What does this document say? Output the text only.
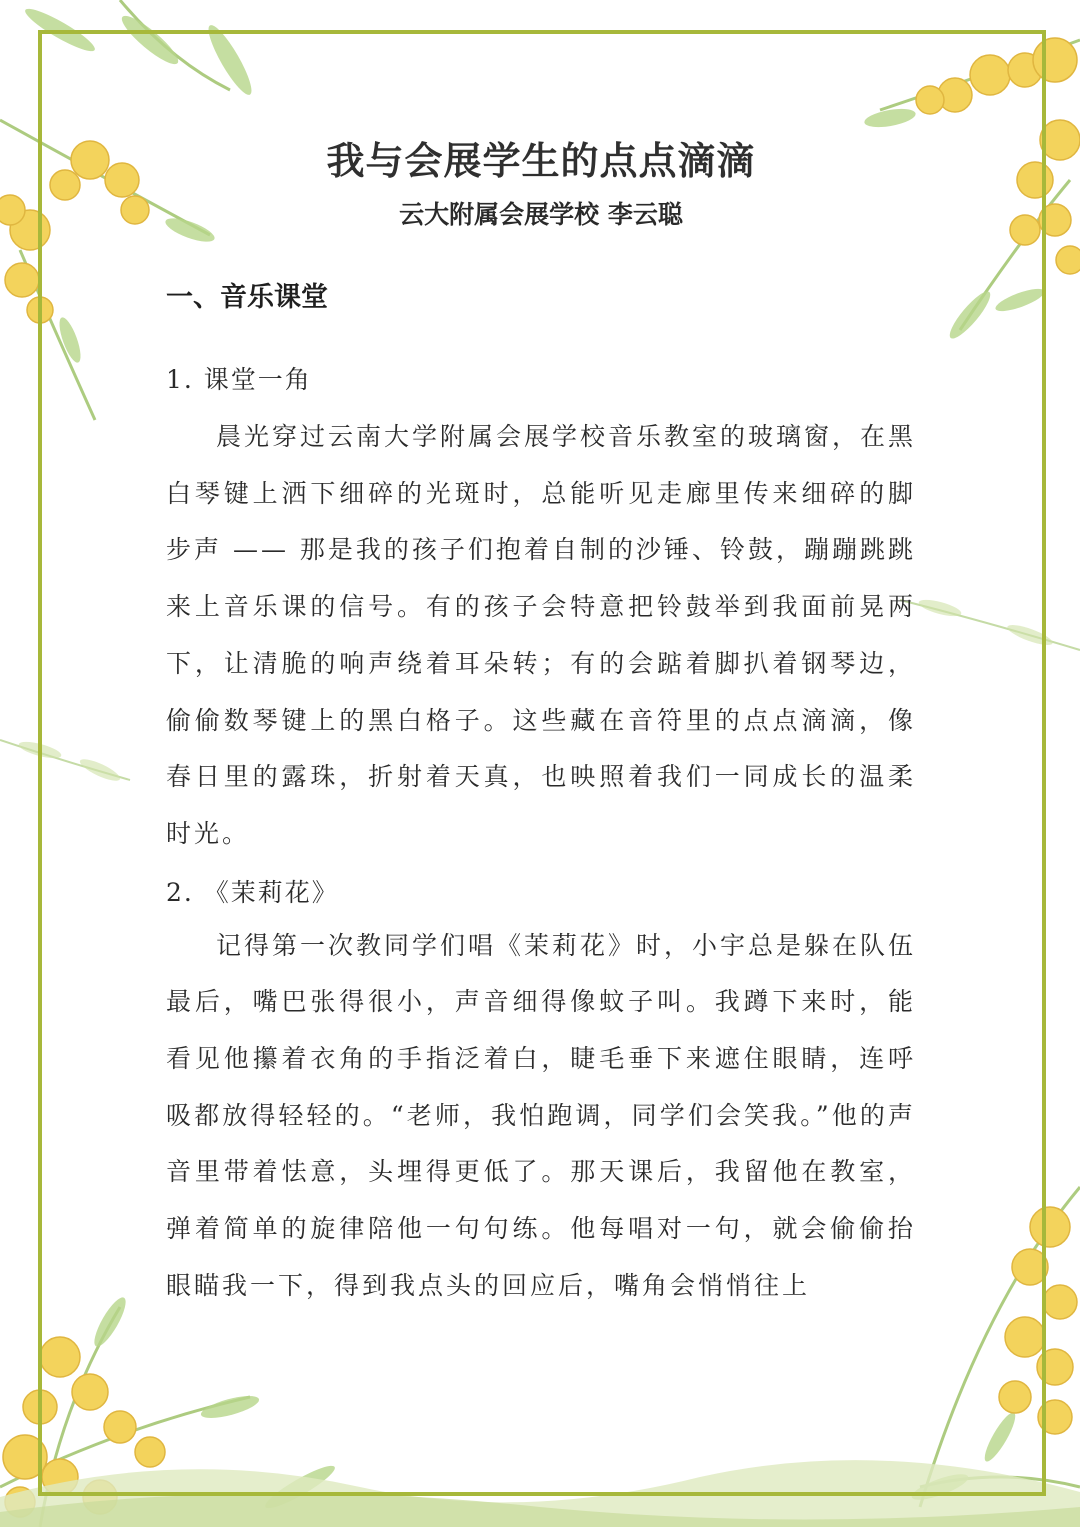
我与会展学生的点点滴滴
云大附属会展学校 李云聪
一、音乐课堂
1. 课堂一角

晨光穿过云南大学附属会展学校音乐教室的玻璃窗，在黑白琴键上洒下细碎的光斑时，总能听见走廊里传来细碎的脚步声 —— 那是我的孩子们抱着自制的沙锤、铃鼓，蹦蹦跳跳来上音乐课的信号。有的孩子会特意把铃鼓举到我面前晃两下，让清脆的响声绕着耳朵转；有的会踮着脚扒着钢琴边，偷偷数琴键上的黑白格子。这些藏在音符里的点点滴滴，像春日里的露珠，折射着天真，也映照着我们一同成长的温柔时光。

2. 《茉莉花》

记得第一次教同学们唱《茉莉花》时，小宇总是躲在队伍最后，嘴巴张得很小，声音细得像蚊子叫。我蹲下来时，能看见他攥着衣角的手指泛着白，睫毛垂下来遮住眼睛，连呼吸都放得轻轻的。“老师，我怕跑调，同学们会笑我。”他的声音里带着怯意，头埋得更低了。那天课后，我留他在教室，弹着简单的旋律陪他一句句练。他每唱对一句，就会偷偷抬眼瞄我一下，得到我点头的回应后，嘴角会悄悄往上
